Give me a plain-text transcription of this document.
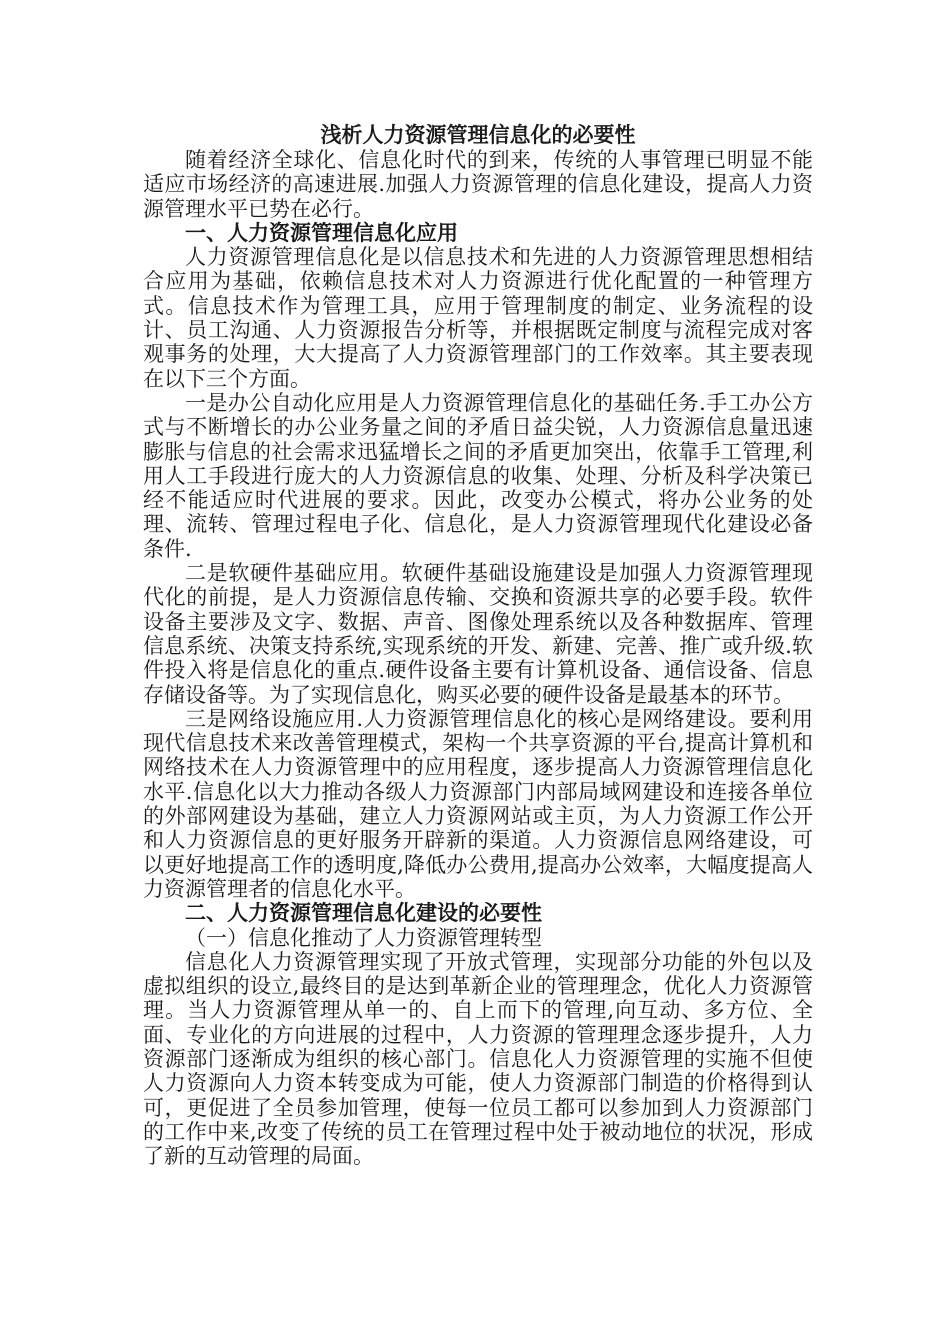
浅析人力资源管理信息化的必要性

随着经济全球化、信息化时代的到来，传统的人事管理已明显不能适应市场经济的高速进展.加强人力资源管理的信息化建设，提高人力资源管理水平已势在必行。

一、人力资源管理信息化应用

人力资源管理信息化是以信息技术和先进的人力资源管理思想相结合应用为基础，依赖信息技术对人力资源进行优化配置的一种管理方式。信息技术作为管理工具，应用于管理制度的制定、业务流程的设计、员工沟通、人力资源报告分析等，并根据既定制度与流程完成对客观事务的处理，大大提高了人力资源管理部门的工作效率。其主要表现在以下三个方面。

一是办公自动化应用是人力资源管理信息化的基础任务.手工办公方式与不断增长的办公业务量之间的矛盾日益尖锐，人力资源信息量迅速膨胀与信息的社会需求迅猛增长之间的矛盾更加突出，依靠手工管理,利用人工手段进行庞大的人力资源信息的收集、处理、分析及科学决策已经不能适应时代进展的要求。因此，改变办公模式，将办公业务的处理、流转、管理过程电子化、信息化，是人力资源管理现代化建设必备条件.

二是软硬件基础应用。软硬件基础设施建设是加强人力资源管理现代化的前提，是人力资源信息传输、交换和资源共享的必要手段。软件设备主要涉及文字、数据、声音、图像处理系统以及各种数据库、管理信息系统、决策支持系统,实现系统的开发、新建、完善、推广或升级.软件投入将是信息化的重点.硬件设备主要有计算机设备、通信设备、信息存储设备等。为了实现信息化，购买必要的硬件设备是最基本的环节。

三是网络设施应用.人力资源管理信息化的核心是网络建设。要利用现代信息技术来改善管理模式，架构一个共享资源的平台,提高计算机和网络技术在人力资源管理中的应用程度，逐步提高人力资源管理信息化水平.信息化以大力推动各级人力资源部门内部局域网建设和连接各单位的外部网建设为基础，建立人力资源网站或主页，为人力资源工作公开和人力资源信息的更好服务开辟新的渠道。人力资源信息网络建设，可以更好地提高工作的透明度,降低办公费用,提高办公效率，大幅度提高人力资源管理者的信息化水平。

二、人力资源管理信息化建设的必要性

（一）信息化推动了人力资源管理转型

信息化人力资源管理实现了开放式管理，实现部分功能的外包以及虚拟组织的设立,最终目的是达到革新企业的管理理念，优化人力资源管理。当人力资源管理从单一的、自上而下的管理,向互动、多方位、全面、专业化的方向进展的过程中，人力资源的管理理念逐步提升，人力资源部门逐渐成为组织的核心部门。信息化人力资源管理的实施不但使人力资源向人力资本转变成为可能，使人力资源部门制造的价格得到认可，更促进了全员参加管理，使每一位员工都可以参加到人力资源部门的工作中来,改变了传统的员工在管理过程中处于被动地位的状况，形成了新的互动管理的局面。
